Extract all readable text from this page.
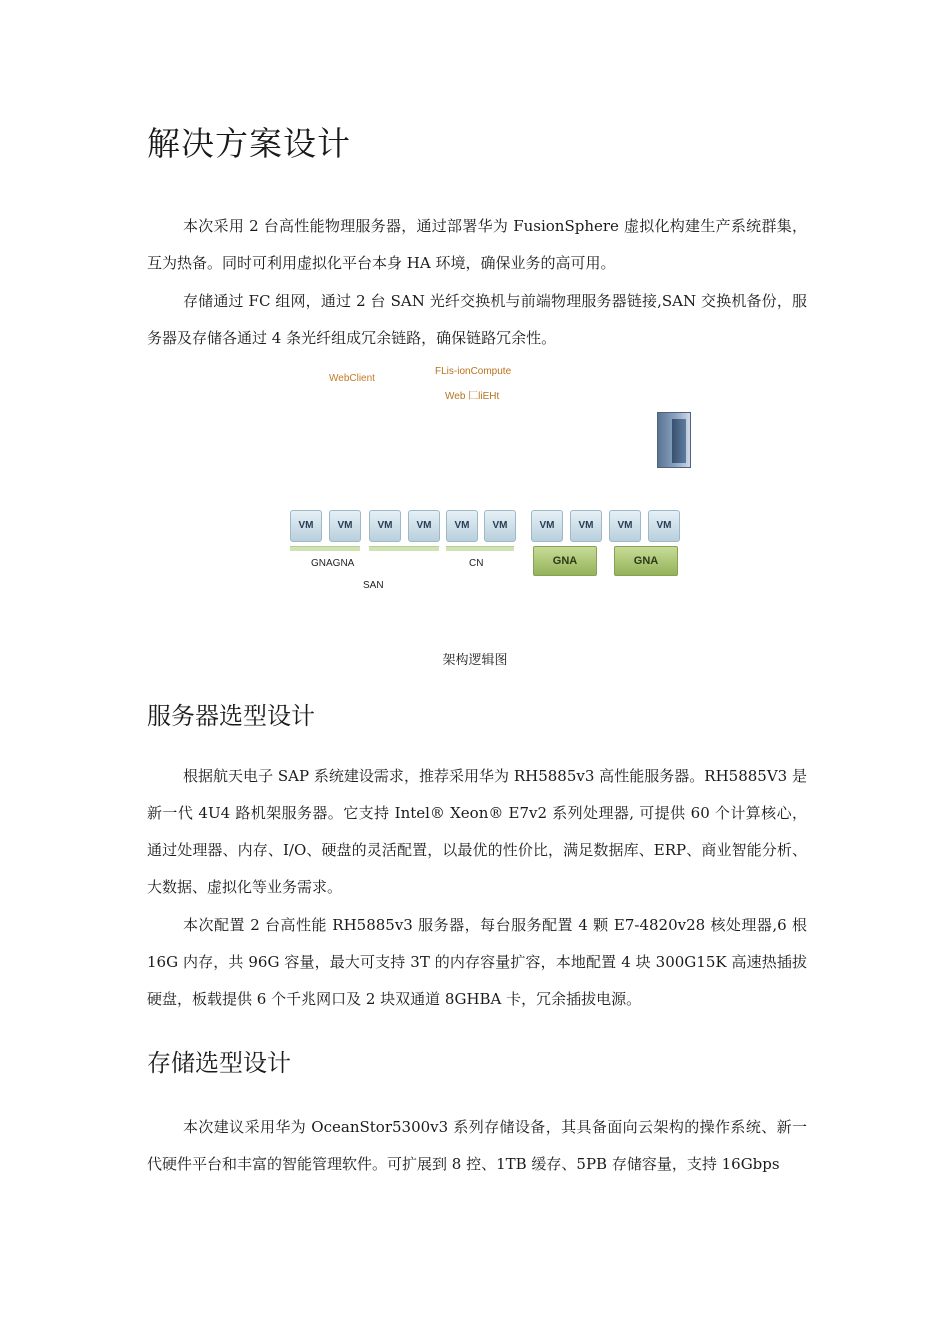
解决方案设计

本次采用 2 台高性能物理服务器，通过部署华为 FusionSphere 虚拟化构建生产系统群集，互为热备。同时可利用虚拟化平台本身 HA 环境，确保业务的高可用。

存储通过 FC 组网，通过 2 台 SAN 光纤交换机与前端物理服务器链接,SAN 交换机备份，服务器及存储各通过 4 条光纤组成冗余链路，确保链路冗余性。

WebClient
FLis-ionCompute
Web 匚liEHt
VM	VM	VM	VM	VM	VM	VM	VM	VM	VM
GNAGNA	CN	GNA	GNA
SAN
架构逻辑图
服务器选型设计

根据航天电子 SAP 系统建设需求，推荐采用华为 RH5885v3 高性能服务器。RH5885V3 是新一代 4U4 路机架服务器。它支持 Intel® Xeon® E7v2 系列处理器, 可提供 60 个计算核心，通过处理器、内存、I/O、硬盘的灵活配置，以最优的性价比，满足数据库、ERP、商业智能分析、大数据、虚拟化等业务需求。

本次配置 2 台高性能 RH5885v3 服务器，每台服务配置 4 颗 E7-4820v28 核处理器,6 根 16G 内存，共 96G 容量，最大可支持 3T 的内存容量扩容，本地配置 4 块 300G15K 高速热插拔硬盘，板载提供 6 个千兆网口及 2 块双通道 8GHBA 卡，冗余插拔电源。

存储选型设计

本次建议采用华为 OceanStor5300v3 系列存储设备，其具备面向云架构的操作系统、新一代硬件平台和丰富的智能管理软件。可扩展到 8 控、1TB 缓存、5PB 存储容量，支持 16Gbps
